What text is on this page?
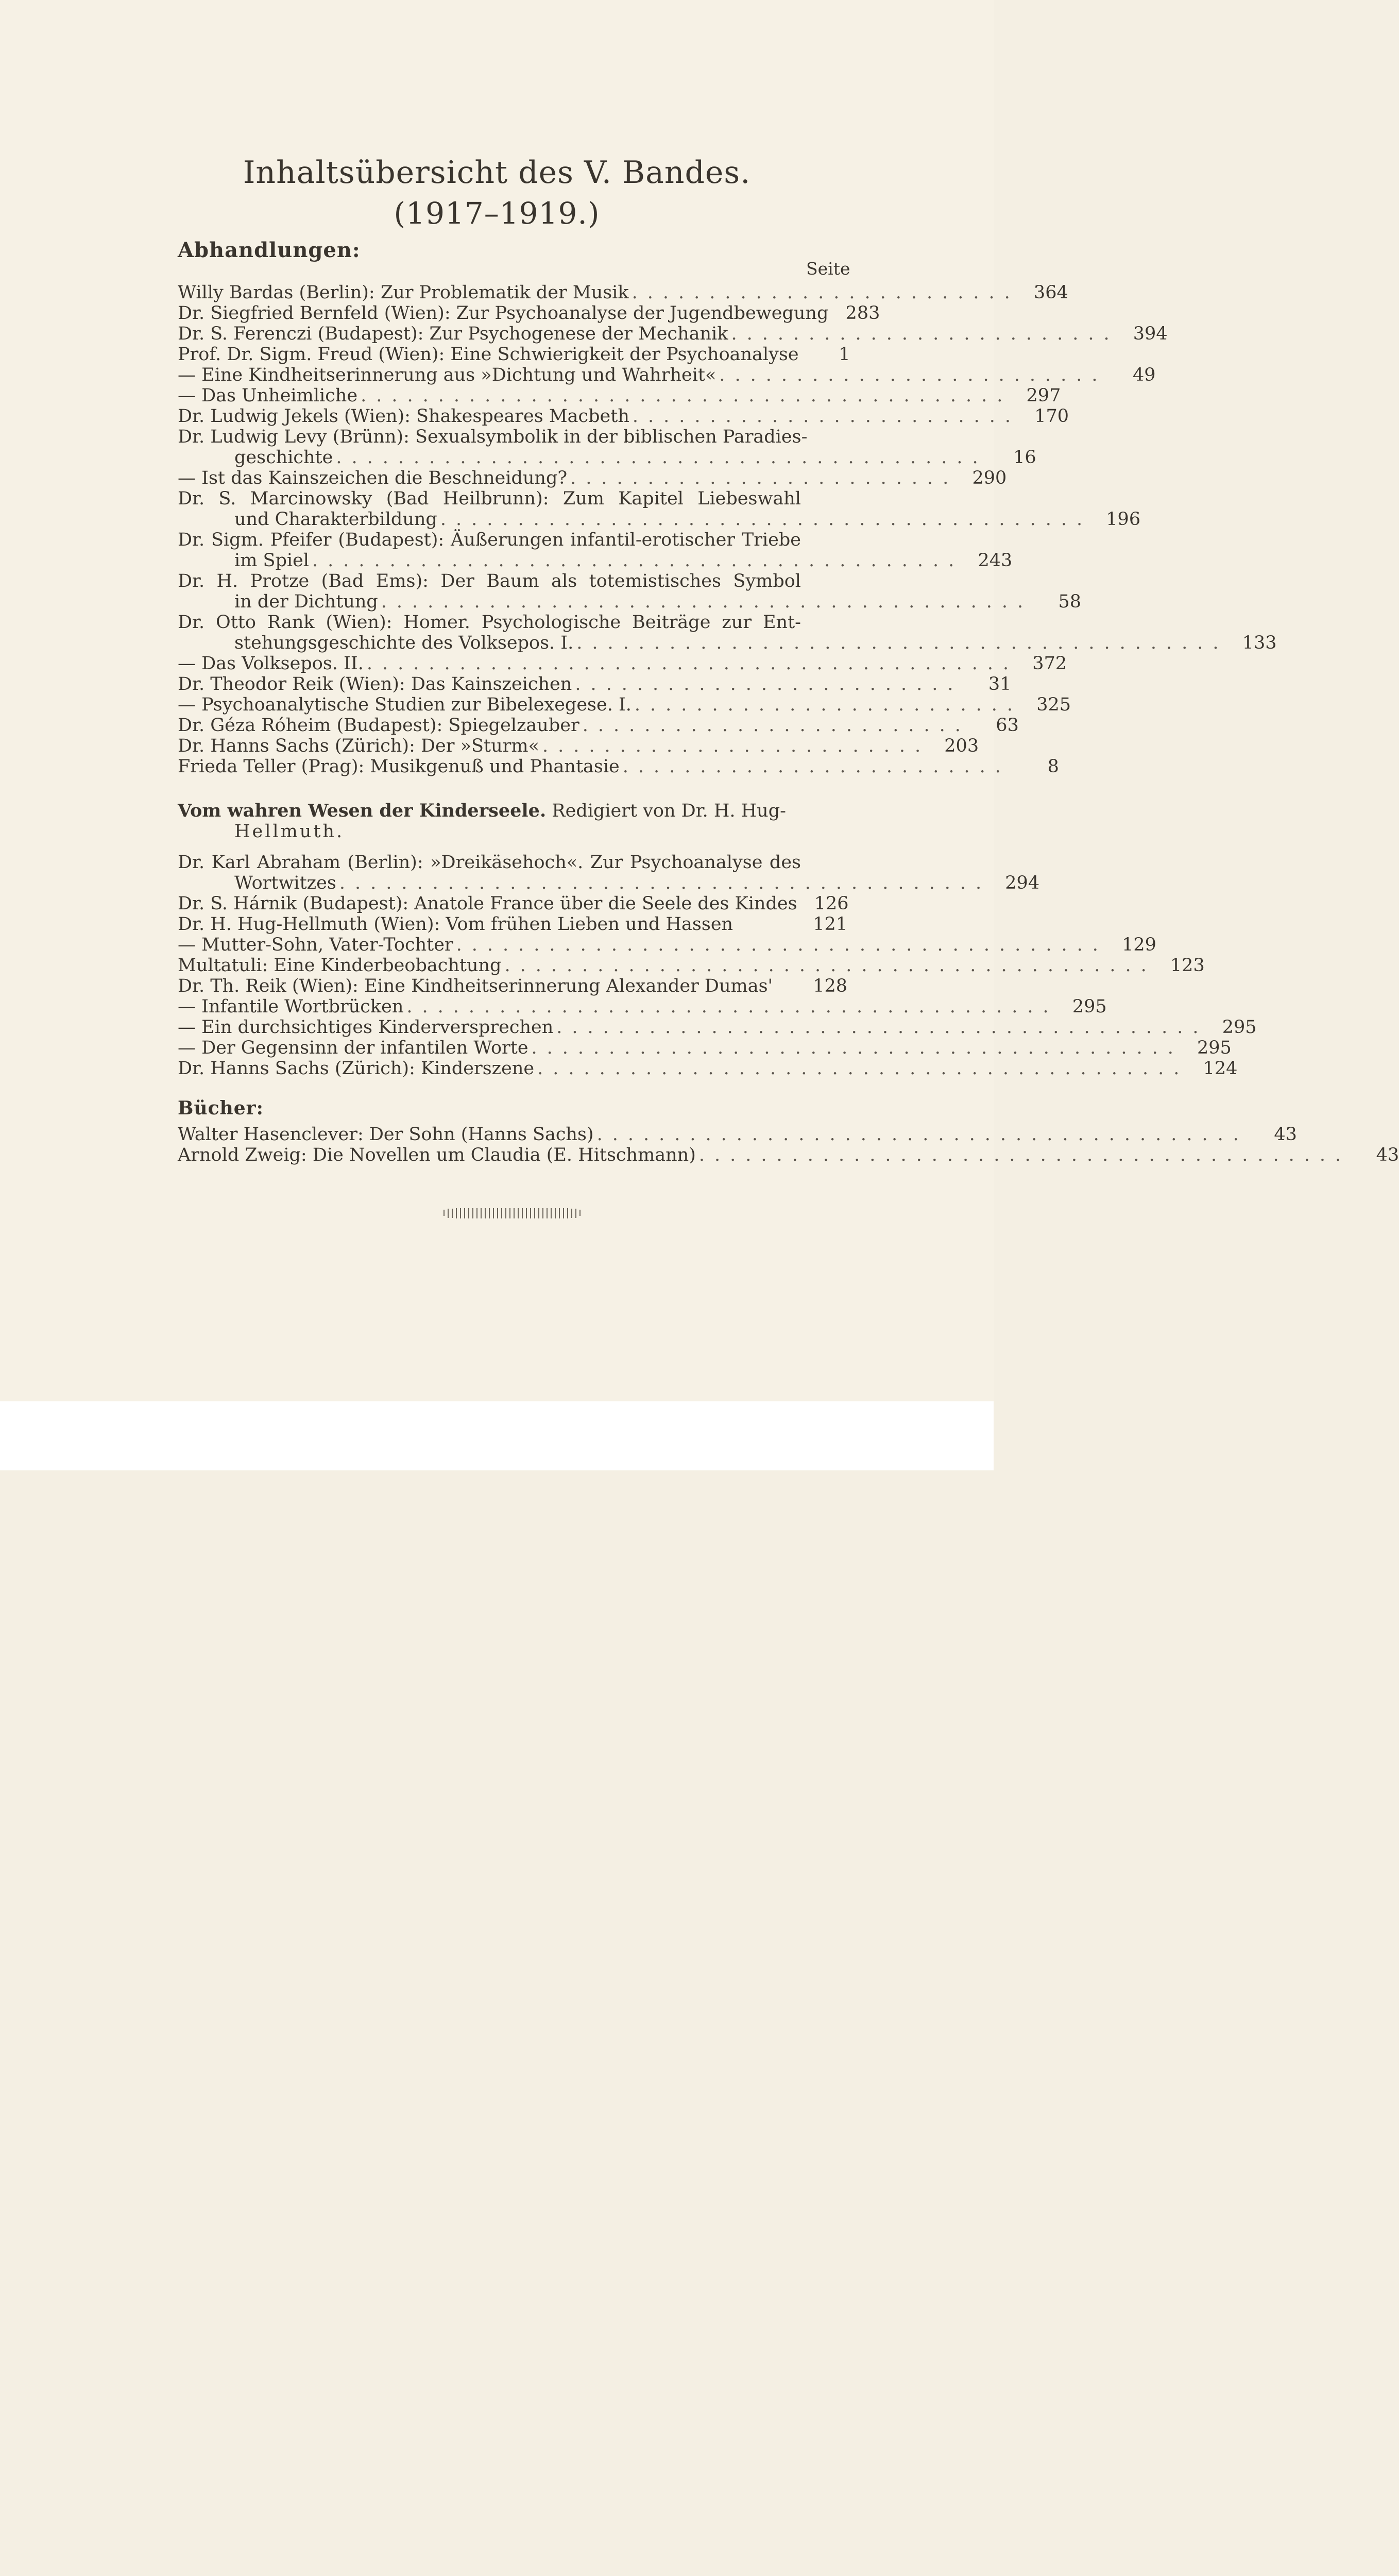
Inhaltsübersicht des V. Bandes.
(1917–1919.)
Abhandlungen:
Seite
Willy Bardas (Berlin): Zur Problematik der Musik ......................... 364
Dr. Siegfried Bernfeld (Wien): Zur Psychoanalyse der Jugendbewegung 283
Dr. S. Ferenczi (Budapest): Zur Psychogenese der Mechanik ......................... 394
Prof. Dr. Sigm. Freud (Wien): Eine Schwierigkeit der Psychoanalyse	1
— Eine Kindheitserinnerung aus »Dichtung und Wahrheit« .........................	49
— Das Unheimliche .......................................... 297
Dr. Ludwig Jekels (Wien): Shakespeares Macbeth ......................... 170
Dr. Ludwig Levy (Brünn): Sexualsymbolik in der biblischen Paradies-
geschichte ..........................................	16
— Ist das Kainszeichen die Beschneidung? ......................... 290
Dr. S. Marcinowsky (Bad Heilbrunn): Zum Kapitel Liebeswahl
und Charakterbildung .......................................... 196
Dr. Sigm. Pfeifer (Budapest): Äußerungen infantil-erotischer Triebe
im Spiel .......................................... 243
Dr. H. Protze (Bad Ems): Der Baum als totemistisches Symbol
in der Dichtung ..........................................	58
Dr. Otto Rank (Wien): Homer. Psychologische Beiträge zur Ent-
stehungsgeschichte des Volksepos. I. .......................................... 133
— Das Volksepos. II. .......................................... 372
Dr. Theodor Reik (Wien): Das Kainszeichen .........................	31
— Psychoanalytische Studien zur Bibelexegese. I. ......................... 325
Dr. Géza Róheim (Budapest): Spiegelzauber .........................	63
Dr. Hanns Sachs (Zürich): Der »Sturm« ......................... 203
Frieda Teller (Prag): Musikgenuß und Phantasie .........................	8
Vom wahren Wesen der Kinderseele. Redigiert von Dr. H. Hug-
Hellmuth.
Dr. Karl Abraham (Berlin): »Dreikäsehoch«. Zur Psychoanalyse des
Wortwitzes .......................................... 294
Dr. S. Hárnik (Budapest): Anatole France über die Seele des Kindes 126
Dr. H. Hug-Hellmuth (Wien): Vom frühen Lieben und Hassen	121
— Mutter-Sohn, Vater-Tochter .......................................... 129
Multatuli: Eine Kinderbeobachtung .......................................... 123
Dr. Th. Reik (Wien): Eine Kindheitserinnerung Alexander Dumas'	128
— Infantile Wortbrücken .......................................... 295
— Ein durchsichtiges Kinderversprechen .......................................... 295
— Der Gegensinn der infantilen Worte .......................................... 295
Dr. Hanns Sachs (Zürich): Kinderszene .......................................... 124
Bücher:
Walter Hasenclever: Der Sohn (Hanns Sachs) ..........................................	43
Arnold Zweig: Die Novellen um Claudia (E. Hitschmann) ..........................................	43
